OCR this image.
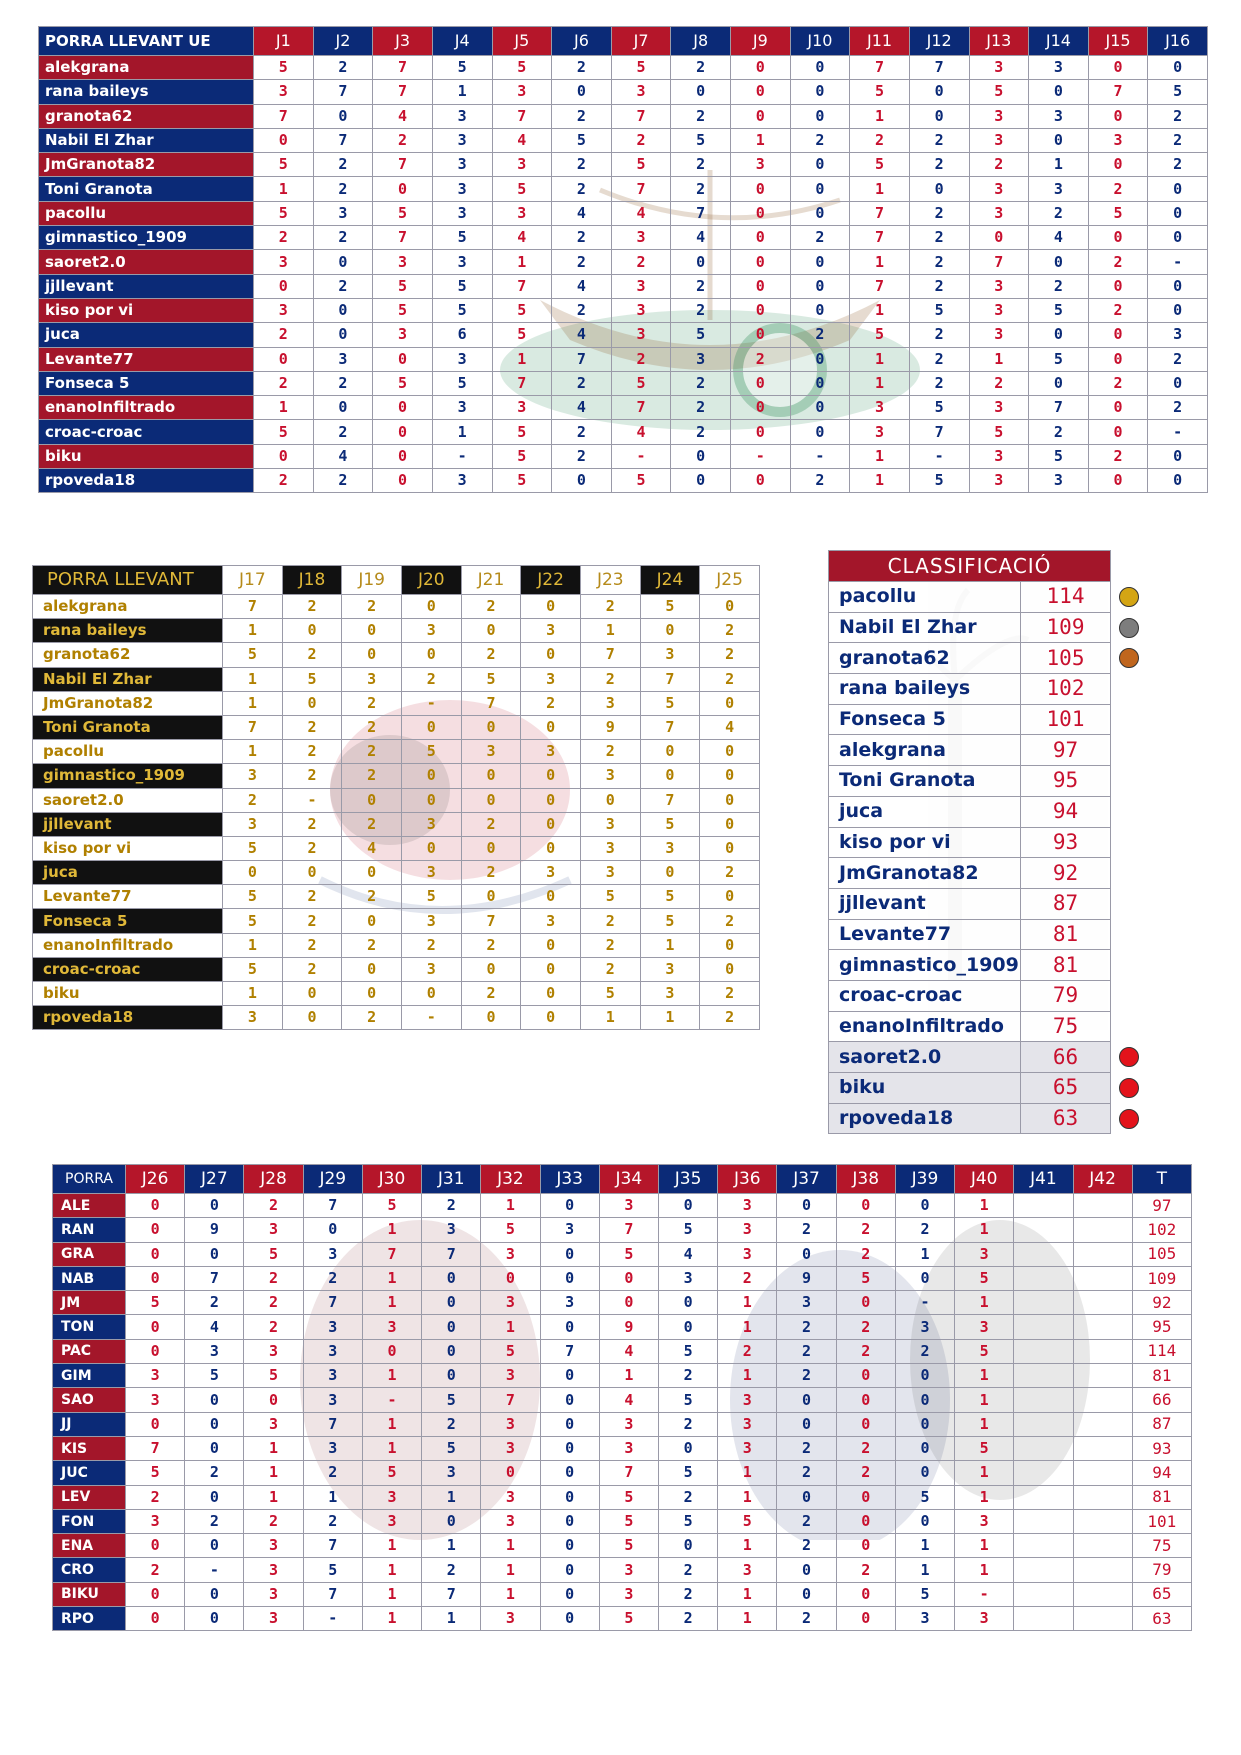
PORRA LLEVANT UE	J1	J2	J3	J4	J5	J6	J7	J8	J9	J10	J11	J12	J13	J14	J15	J16
alekgrana	5	2	7	5	5	2	5	2	0	0	7	7	3	3	0	0
rana baileys	3	7	7	1	3	0	3	0	0	0	5	0	5	0	7	5
granota62	7	0	4	3	7	2	7	2	0	0	1	0	3	3	0	2
Nabil El Zhar	0	7	2	3	4	5	2	5	1	2	2	2	3	0	3	2
JmGranota82	5	2	7	3	3	2	5	2	3	0	5	2	2	1	0	2
Toni Granota	1	2	0	3	5	2	7	2	0	0	1	0	3	3	2	0
pacollu	5	3	5	3	3	4	4	7	0	0	7	2	3	2	5	0
gimnastico_1909	2	2	7	5	4	2	3	4	0	2	7	2	0	4	0	0
saoret2.0	3	0	3	3	1	2	2	0	0	0	1	2	7	0	2	-
jjllevant	0	2	5	5	7	4	3	2	0	0	7	2	3	2	0	0
kiso por vi	3	0	5	5	5	2	3	2	0	0	1	5	3	5	2	0
juca	2	0	3	6	5	4	3	5	0	2	5	2	3	0	0	3
Levante77	0	3	0	3	1	7	2	3	2	0	1	2	1	5	0	2
Fonseca 5	2	2	5	5	7	2	5	2	0	0	1	2	2	0	2	0
enanoInfiltrado	1	0	0	3	3	4	7	2	0	0	3	5	3	7	0	2
croac-croac	5	2	0	1	5	2	4	2	0	0	3	7	5	2	0	-
biku	0	4	0	-	5	2	-	0	-	-	1	-	3	5	2	0
rpoveda18	2	2	0	3	5	0	5	0	0	2	1	5	3	3	0	0
PORRA LLEVANT	J17	J18	J19	J20	J21	J22	J23	J24	J25
alekgrana	7	2	2	0	2	0	2	5	0
rana baileys	1	0	0	3	0	3	1	0	2
granota62	5	2	0	0	2	0	7	3	2
Nabil El Zhar	1	5	3	2	5	3	2	7	2
JmGranota82	1	0	2	-	7	2	3	5	0
Toni Granota	7	2	2	0	0	0	9	7	4
pacollu	1	2	2	5	3	3	2	0	0
gimnastico_1909	3	2	2	0	0	0	3	0	0
saoret2.0	2	-	0	0	0	0	0	7	0
jjllevant	3	2	2	3	2	0	3	5	0
kiso por vi	5	2	4	0	0	0	3	3	0
juca	0	0	0	3	2	3	3	0	2
Levante77	5	2	2	5	0	0	5	5	0
Fonseca 5	5	2	0	3	7	3	2	5	2
enanoInfiltrado	1	2	2	2	2	0	2	1	0
croac-croac	5	2	0	3	0	0	2	3	0
biku	1	0	0	0	2	0	5	3	2
rpoveda18	3	0	2	-	0	0	1	1	2
CLASSIFICACIÓ	
pacollu	114
Nabil El Zhar	109
granota62	105
rana baileys	102
Fonseca 5	101
alekgrana	97
Toni Granota	95
juca	94
kiso por vi	93
JmGranota82	92
jjllevant	87
Levante77	81
gimnastico_1909	81
croac-croac	79
enanoInfiltrado	75
saoret2.0	66
biku	65
rpoveda18	63
PORRA	J26	J27	J28	J29	J30	J31	J32	J33	J34	J35	J36	J37	J38	J39	J40	J41	J42	T
ALE	0	0	2	7	5	2	1	0	3	0	3	0	0	0	1			97
RAN	0	9	3	0	1	3	5	3	7	5	3	2	2	2	1			102
GRA	0	0	5	3	7	7	3	0	5	4	3	0	2	1	3			105
NAB	0	7	2	2	1	0	0	0	0	3	2	9	5	0	5			109
JM	5	2	2	7	1	0	3	3	0	0	1	3	0	-	1			92
TON	0	4	2	3	3	0	1	0	9	0	1	2	2	3	3			95
PAC	0	3	3	3	0	0	5	7	4	5	2	2	2	2	5			114
GIM	3	5	5	3	1	0	3	0	1	2	1	2	0	0	1			81
SAO	3	0	0	3	-	5	7	0	4	5	3	0	0	0	1			66
JJ	0	0	3	7	1	2	3	0	3	2	3	0	0	0	1			87
KIS	7	0	1	3	1	5	3	0	3	0	3	2	2	0	5			93
JUC	5	2	1	2	5	3	0	0	7	5	1	2	2	0	1			94
LEV	2	0	1	1	3	1	3	0	5	2	1	0	0	5	1			81
FON	3	2	2	2	3	0	3	0	5	5	5	2	0	0	3			101
ENA	0	0	3	7	1	1	1	0	5	0	1	2	0	1	1			75
CRO	2	-	3	5	1	2	1	0	3	2	3	0	2	1	1			79
BIKU	0	0	3	7	1	7	1	0	3	2	1	0	0	5	-			65
RPO	0	0	3	-	1	1	3	0	5	2	1	2	0	3	3			63
